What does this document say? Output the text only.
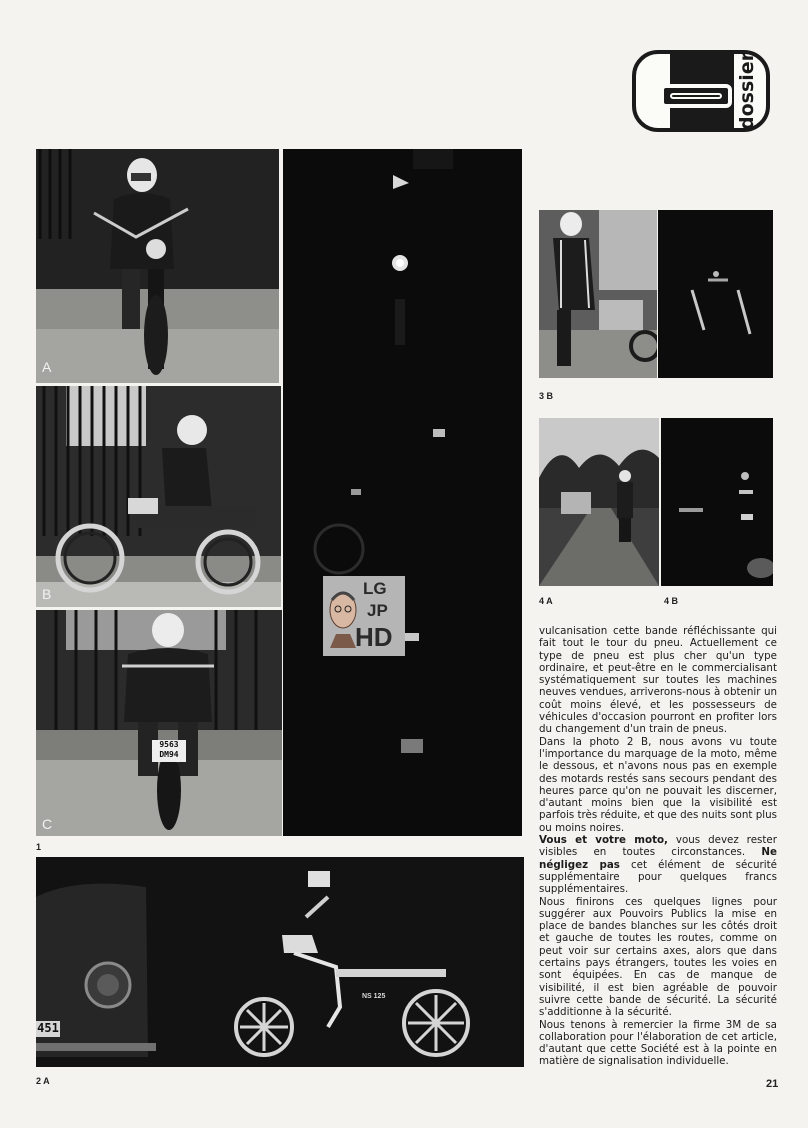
dossier
A
B
9563
DM94
C
LG
JP
HD
1
NS 125
451
2 A
3 B
4 A	4 B

vulcanisation cette bande réfléchissante qui fait tout le tour du pneu. Actuellement ce type de pneu est plus cher qu'un type ordinaire, et peut-être en le commercialisant systématiquement sur toutes les machines neuves vendues, arriverons-nous à obtenir un coût moins élevé, et les possesseurs de véhicules d'occasion pourront en profiter lors du changement d'un train de pneus.

Dans la photo 2 B, nous avons vu toute l'importance du marquage de la moto, même le dessous, et n'avons nous pas en exemple des motards restés sans secours pendant des heures parce qu'on ne pouvait les discerner, d'autant moins bien que la visibilité est parfois très réduite, et que des nuits sont plus ou moins noires.

Vous et votre moto, vous devez rester visibles en toutes circonstances. Ne négligez pas cet élément de sécurité supplémentaire pour quelques francs supplémentaires.

Nous finirons ces quelques lignes pour suggérer aux Pouvoirs Publics la mise en place de bandes blanches sur les côtés droit et gauche de toutes les routes, comme on peut voir sur certains axes, alors que dans certains pays étrangers, toutes les voies en sont équipées. En cas de manque de visibilité, il est bien agréable de pouvoir suivre cette bande de sécurité. La sécurité s'additionne à la sécurité.

Nous tenons à remercier la firme 3M de sa collaboration pour l'élaboration de cet article, d'autant que cette Société est à la pointe en matière de signalisation individuelle.

21
